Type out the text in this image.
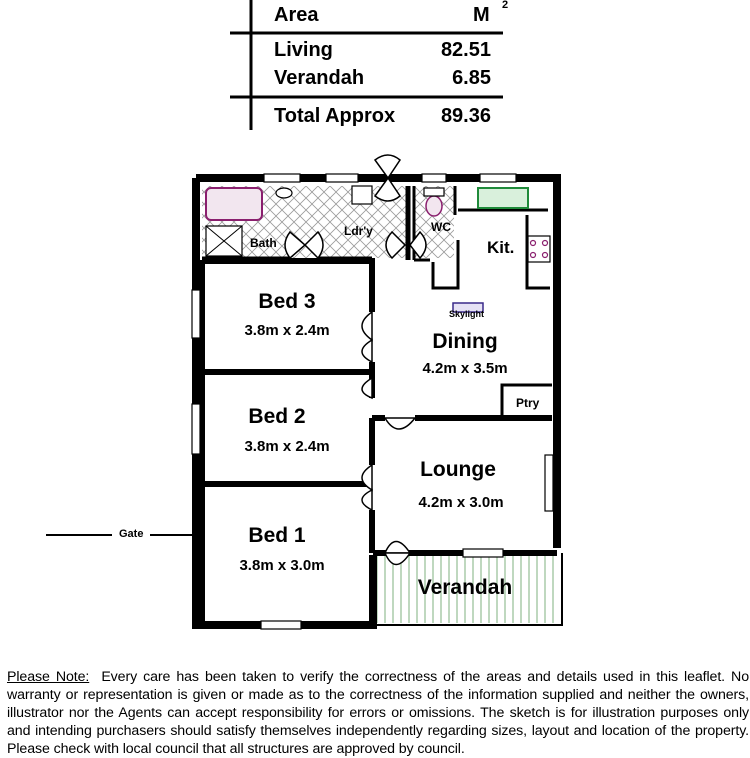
Area	M 2
Living	82.51
Verandah	6.85
Total Approx	89.36
Bath
Ldr'y	WC
Kit.
Skylight
Bed 3
3.8m x 2.4m	Dining
4.2m x 3.5m
Ptry
Bed 2
3.8m x 2.4m
Lounge
4.2m x 3.0m
Bed 1
3.8m x 3.0m
Verandah
Gate
Please Note: Every care has been taken to verify the correctness of the areas and details used in this leaflet. No warranty or representation is given or made as to the correctness of the information supplied and neither the owners, illustrator nor the Agents can accept responsibility for errors or omissions. The sketch is for illustration purposes only and intending purchasers should satisfy themselves independently regarding sizes, layout and location of the property. Please check with local council that all structures are approved by council.
